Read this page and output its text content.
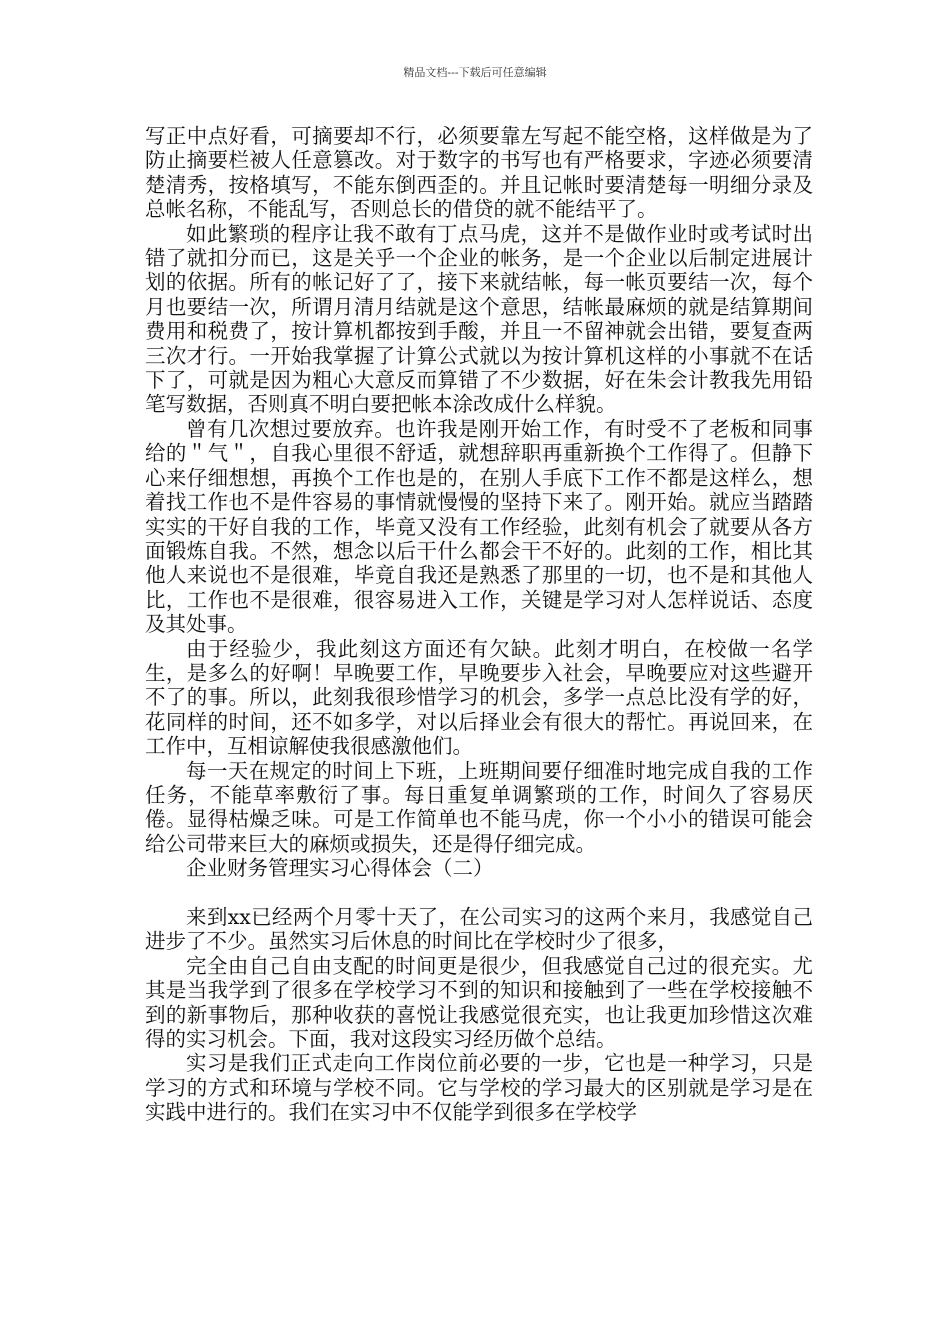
精品文档---下载后可任意编辑

写正中点好看，可摘要却不行，必须要靠左写起不能空格，这样做是为了防止摘要栏被人任意篡改。对于数字的书写也有严格要求，字迹必须要清楚清秀，按格填写，不能东倒西歪的。并且记帐时要清楚每一明细分录及总帐名称，不能乱写，否则总长的借贷的就不能结平了。

如此繁琐的程序让我不敢有丁点马虎，这并不是做作业时或考试时出错了就扣分而已，这是关乎一个企业的帐务，是一个企业以后制定进展计划的依据。所有的帐记好了了，接下来就结帐，每一帐页要结一次，每个月也要结一次，所谓月清月结就是这个意思，结帐最麻烦的就是结算期间费用和税费了，按计算机都按到手酸，并且一不留神就会出错，要复查两三次才行。一开始我掌握了计算公式就以为按计算机这样的小事就不在话下了，可就是因为粗心大意反而算错了不少数据，好在朱会计教我先用铅笔写数据，否则真不明白要把帐本涂改成什么样貌。

曾有几次想过要放弃。也许我是刚开始工作，有时受不了老板和同事给的＂气＂，自我心里很不舒适，就想辞职再重新换个工作得了。但静下心来仔细想想，再换个工作也是的，在别人手底下工作不都是这样么，想着找工作也不是件容易的事情就慢慢的坚持下来了。刚开始。就应当踏踏实实的干好自我的工作，毕竟又没有工作经验，此刻有机会了就要从各方面锻炼自我。不然，想念以后干什么都会干不好的。此刻的工作，相比其他人来说也不是很难，毕竟自我还是熟悉了那里的一切，也不是和其他人比，工作也不是很难，很容易进入工作，关键是学习对人怎样说话、态度及其处事。

由于经验少，我此刻这方面还有欠缺。此刻才明白，在校做一名学生，是多么的好啊！早晚要工作，早晚要步入社会，早晚要应对这些避开不了的事。所以，此刻我很珍惜学习的机会，多学一点总比没有学的好，花同样的时间，还不如多学，对以后择业会有很大的帮忙。再说回来，在工作中，互相谅解使我很感激他们。

每一天在规定的时间上下班，上班期间要仔细准时地完成自我的工作任务，不能草率敷衍了事。每日重复单调繁琐的工作，时间久了容易厌倦。显得枯燥乏味。可是工作简单也不能马虎，你一个小小的错误可能会给公司带来巨大的麻烦或损失，还是得仔细完成。

企业财务管理实习心得体会（二）

来到xx已经两个月零十天了，在公司实习的这两个来月，我感觉自己进步了不少。虽然实习后休息的时间比在学校时少了很多，

完全由自己自由支配的时间更是很少，但我感觉自己过的很充实。尤其是当我学到了很多在学校学习不到的知识和接触到了一些在学校接触不到的新事物后，那种收获的喜悦让我感觉很充实，也让我更加珍惜这次难得的实习机会。下面，我对这段实习经历做个总结。

实习是我们正式走向工作岗位前必要的一步，它也是一种学习，只是学习的方式和环境与学校不同。它与学校的学习最大的区别就是学习是在实践中进行的。我们在实习中不仅能学到很多在学校学
